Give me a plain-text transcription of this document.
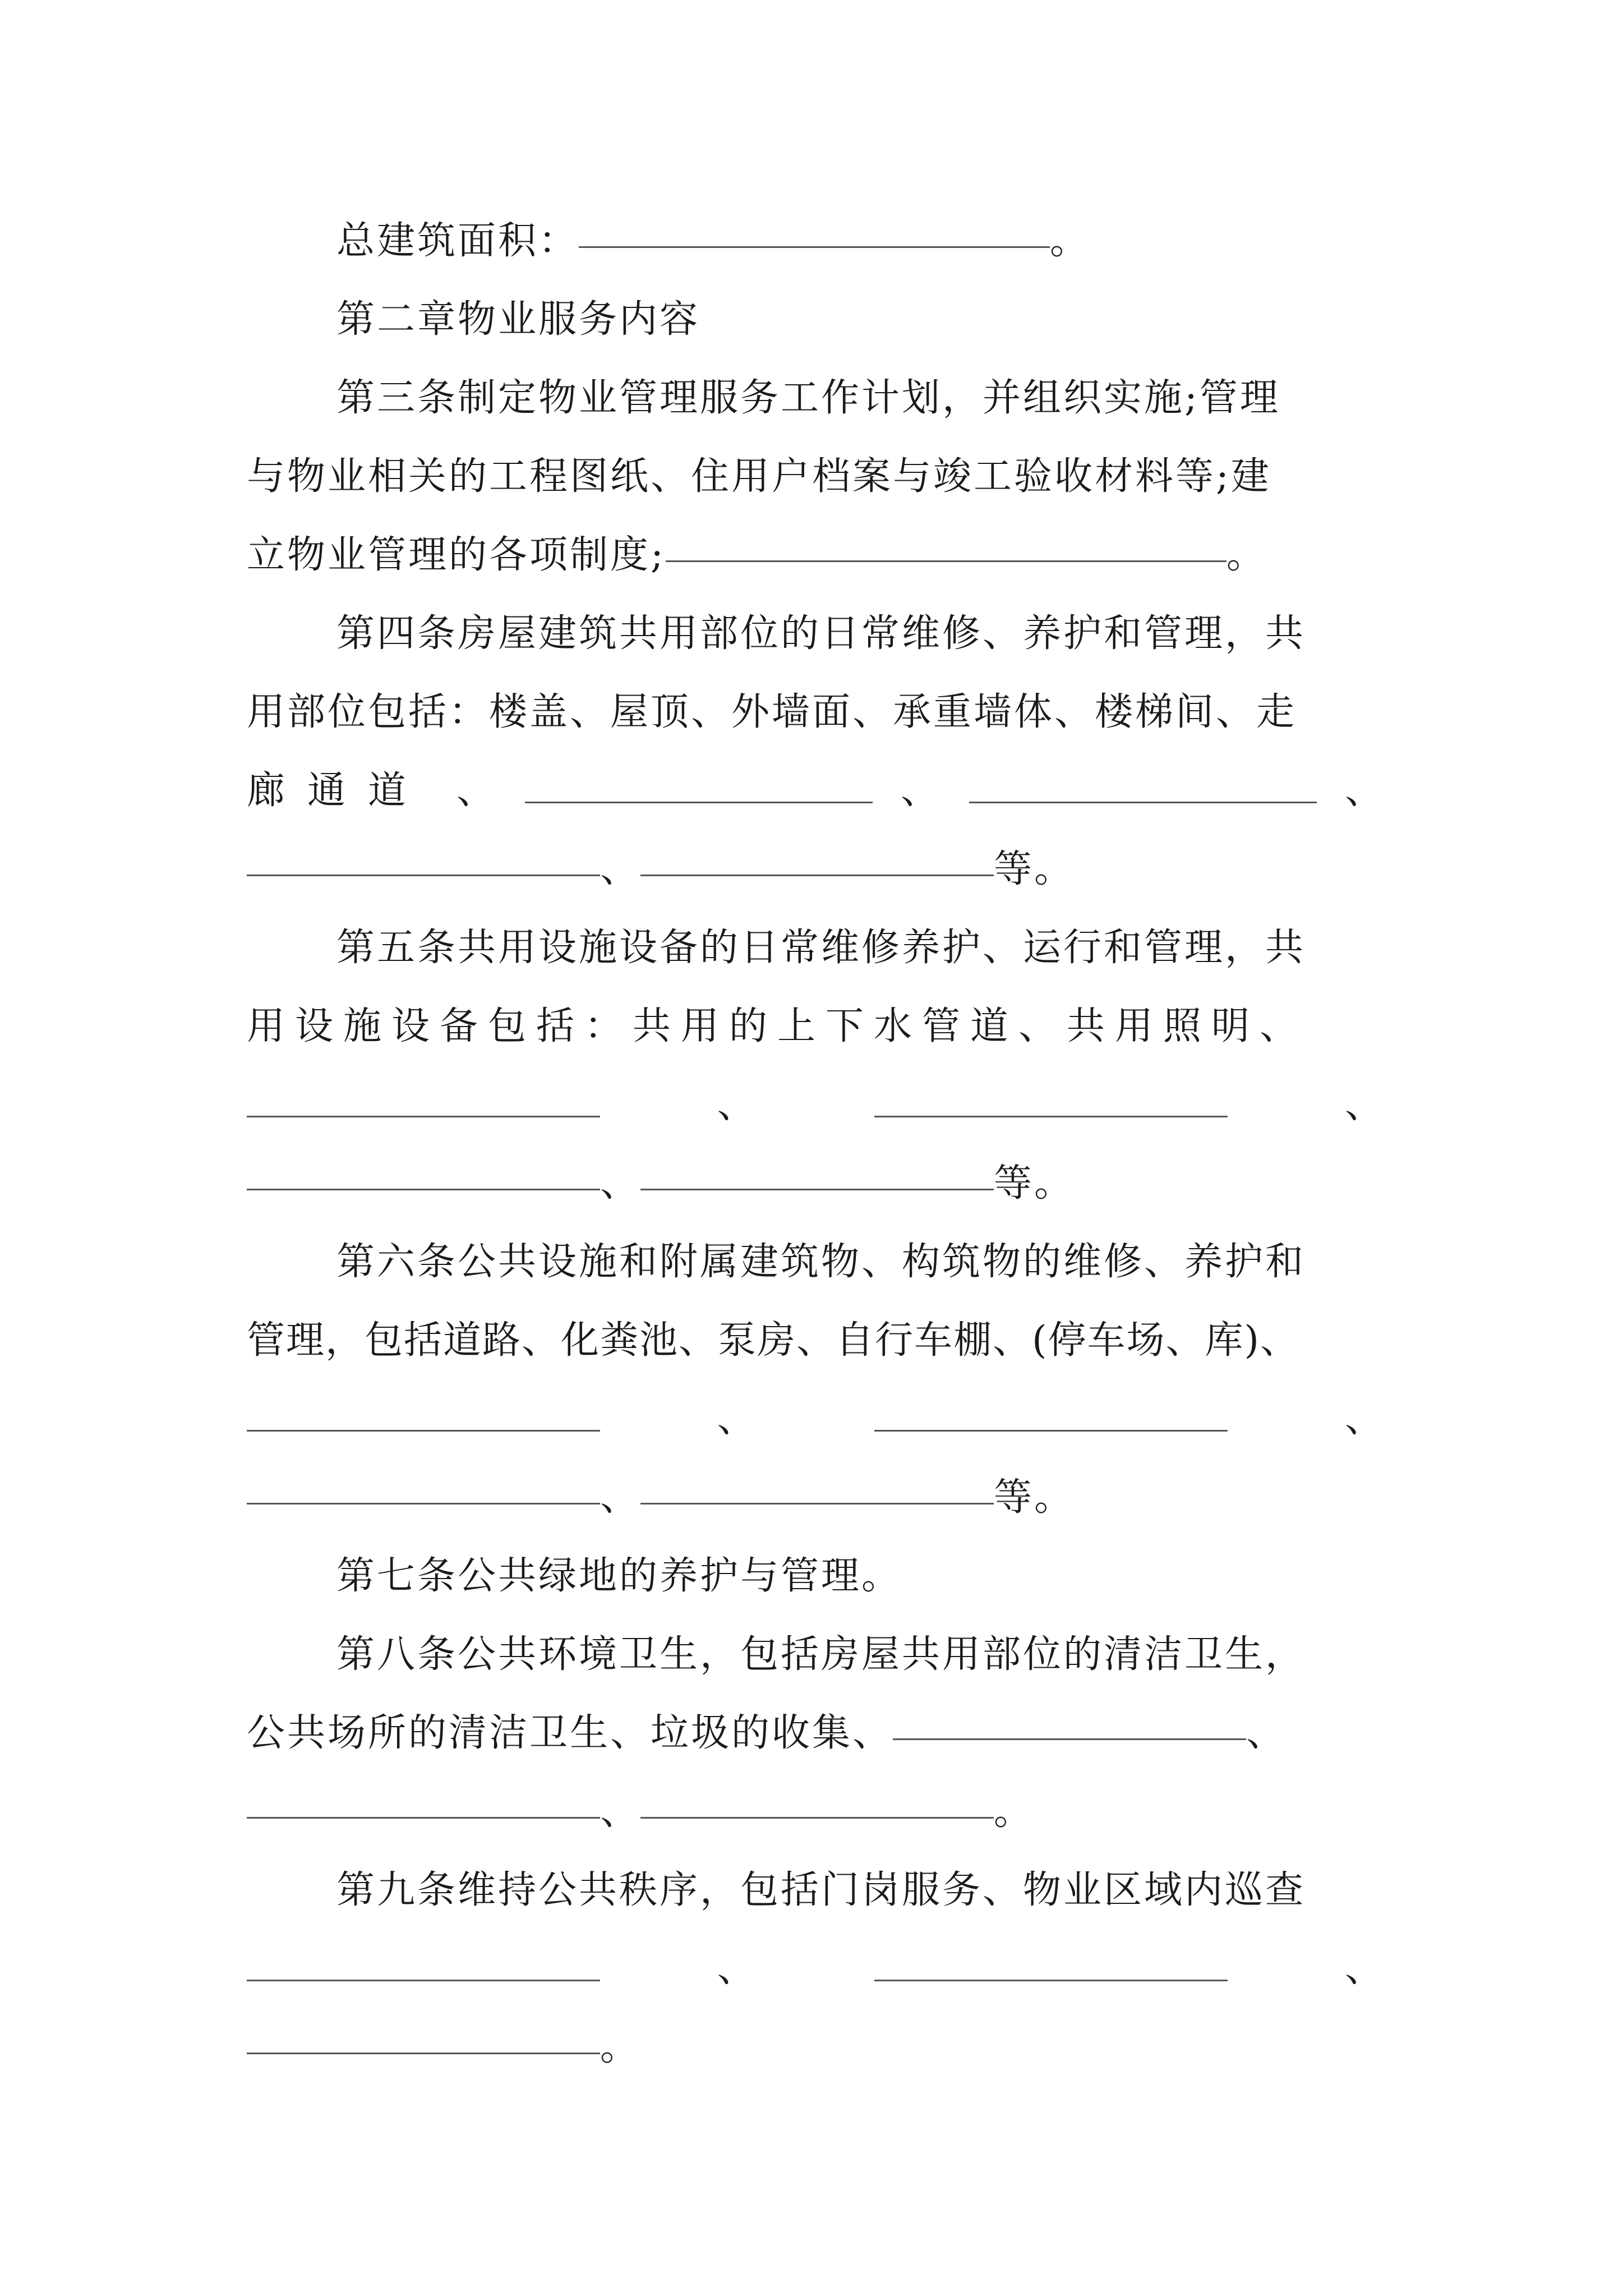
总建筑面积：	。
第二章物业服务内容
第三条制定物业管理服务工作计划，并组织实施;管理
与物业相关的工程图纸、住用户档案与竣工验收材料等;建
立物业管理的各项制度;	。
第四条房屋建筑共用部位的日常维修、养护和管理，共
用部位包括：楼盖、屋顶、外墙面、承重墙体、楼梯间、走
廊通道 、	、	、
、	等。
第五条共用设施设备的日常维修养护、运行和管理，共
用设施设备包括：共用的上下水管道、共用照明、
、	、
、	等。
第六条公共设施和附属建筑物、构筑物的维修、养护和
管理，包括道路、化粪池、泵房、自行车棚、(停车场、库)、
、	、
、	等。
第七条公共绿地的养护与管理。
第八条公共环境卫生，包括房屋共用部位的清洁卫生，
公共场所的清洁卫生、垃圾的收集、	、
、	。
第九条维持公共秩序，包括门岗服务、物业区域内巡查
、	、
。
